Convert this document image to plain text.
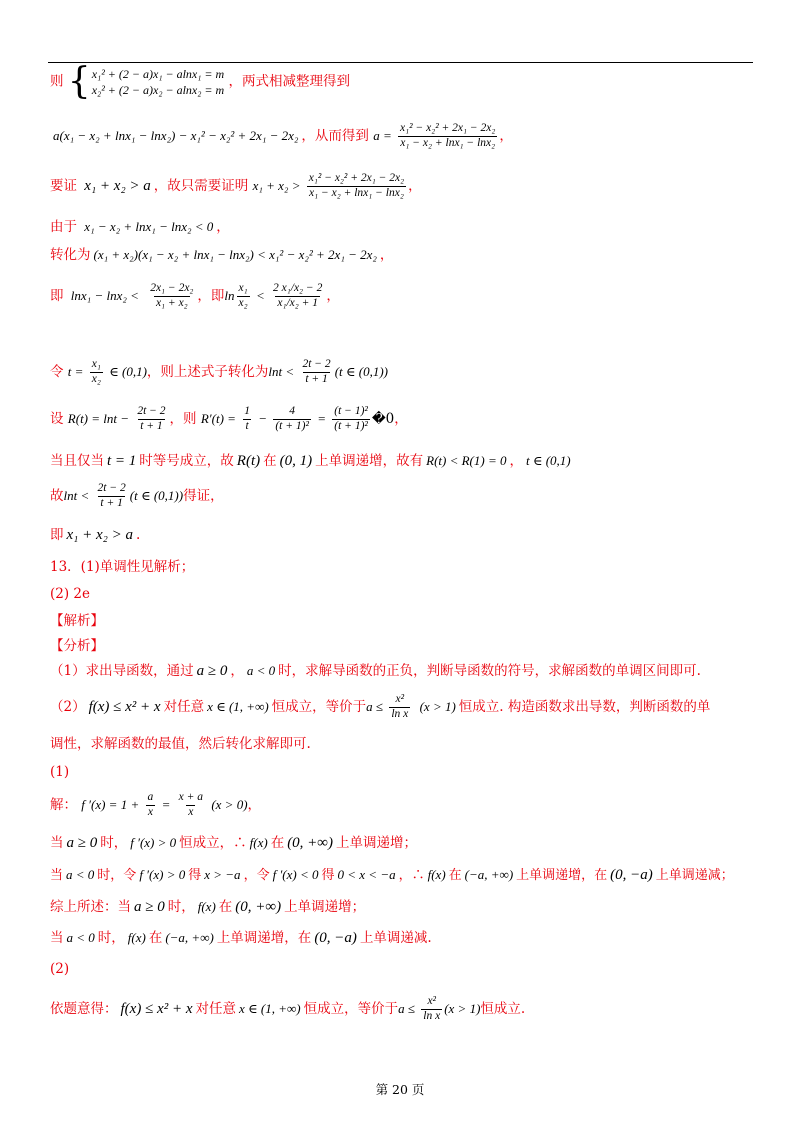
则 { x₁² + (2 − a)x₁ − alnx₁ = m
x₂² + (2 − a)x₂ − alnx₂ = m
，两式相减整理得到
a(x₁ − x₂ + lnx₁ − lnx₂) − x₁² − x₂² + 2x₁ − 2x₂ ，从而得到 $a = \frac{\text{x₁² − x₂² + 2x₁ − 2x₂}}{\text{x₁ − x₂ + lnx₁ − lnx₂}}$ ，
要证 x₁ + x₂ > a ，故只需要证明 $x_1 + x_2 > \frac{\text{x₁² − x₂² + 2x₁ − 2x₂}}{\text{x₁ − x₂ + lnx₁ − lnx₂}}$ ，
由于 x₁ − x₂ + lnx₁ − lnx₂ < 0 ，
转化为 (x₁ + x₂)(x₁ − x₂ + lnx₁ − lnx₂) < x₁² − x₂² + 2x₁ − 2x₂ ，
即 $\ln x_1 - \ln x_2 < \frac{\text{2x₁ − 2x₂}}{\text{x₁ + x₂}}$ ，即$\ln \frac{\text{x₁}}{\text{x₂}} < \frac{\text{2 x₁/x₂ − 2}}{\text{x₁/x₂ + 1}}$ ，
令 $t = \frac{\text{x₁}}{\text{x₂}}$ ∈ (0,1)，则上述式子转化为$\ln t < \frac{2t - 2}{t + 1} (t$ ∈ (0,1))
设 $R(t) = \ln t - \frac{2t - 2}{t + 1}$ ，则 $R'(t) = \frac{1}{t} - \frac{4}{\text{(t + 1)²}} = \frac{\text{(t − 1)²}}{\text{(t + 1)²}}$ �0，
当且仅当 t = 1 时等号成立，故 R(t) 在 (0, 1) 上单调递增，故有 R(t) < R(1) = 0 ， t ∈ (0,1)
故$\ln t < \frac{2t - 2}{t + 1} (t$ ∈ (0,1))得证，
即 x₁ + x₂ > a .
13．(1)单调性见解析；
(2) 2e
【解析】
【分析】
（1）求出导函数，通过 a ≥ 0 ， a < 0 时，求解导函数的正负，判断导函数的符号，求解函数的单调区间即可.
（2） f(x) ≤ x² + x 对任意 x ∈ (1, +∞) 恒成立，等价于$a \le \frac{\text{x²}}{\text{ln x}} (x > 1)$ 恒成立. 构造函数求出导数，判断函数的单
调性，求解函数的最值，然后转化求解即可.
(1)
解： f $'(x) = 1 + \frac{a}{x} = \frac{x + a}{x} (x > 0)$，
当 a ≥ 0 时， f ′(x) > 0 恒成立，∴ f(x) 在 (0, +∞) 上单调递增；
当 a < 0 时，令 f ′(x) > 0 得 x > −a ，令 f ′(x) < 0 得 0 < x < −a ，∴ f(x) 在 (−a, +∞) 上单调递增，在 (0, −a) 上单调递减；
综上所述：当 a ≥ 0 时， f(x) 在 (0, +∞) 上单调递增；
当 a < 0 时， f(x) 在 (−a, +∞) 上单调递增，在 (0, −a) 上单调递减.
(2)
依题意得： f(x) ≤ x² + x 对任意 x ∈ (1, +∞) 恒成立，等价于$a \le \frac{\text{x²}}{\text{ln x}} (x > 1)$恒成立.
第 20 页
